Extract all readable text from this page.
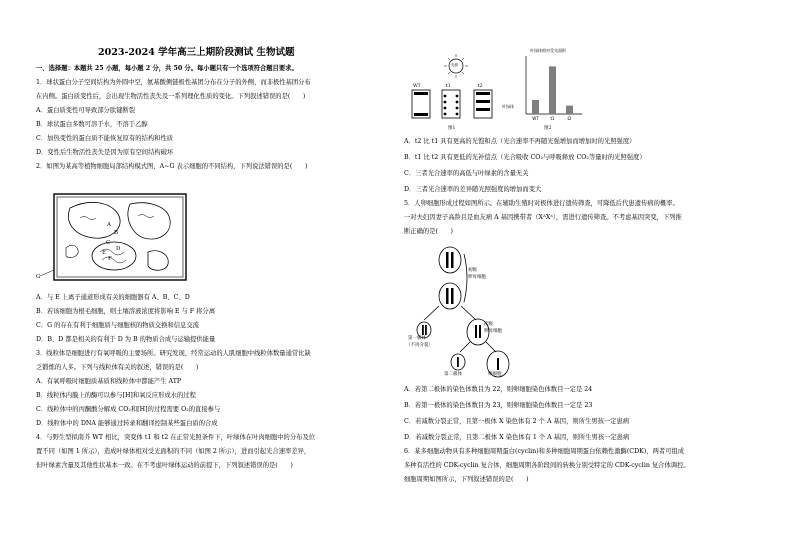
2023-2024 学年高三上期阶段测试 生物试题
一、选择题：本题共 25 小题，每小题 2 分，共 50 分。每小题只有一个选项符合题目要求。
1．球状蛋白分子空间结构为外圆中空，氨基酸侧链极性基团分布在分子的外侧，而非极性基团分布
在内侧。蛋白质变性后，会出现生物活性丧失及一系列理化性质的变化。下列叙述错误的是(　　)
A．蛋白质变性可导致部分肽键断裂
B．球状蛋白多数可溶于水，不溶于乙醇
C．加热变性的蛋白质不能恢复原有的结构和性质
D．变性后生物活性丧失是因为原有空间结构破坏
2．如图为某高等植物细胞局部结构模式图，A~G 表示细胞的不同结构，下列说法错误的是(　　)
A
B
C
D
E
F
G
A．与 E 上离子通道形成有关的细胞器有 A、B、C、D
B．若该细胞为根毛细胞，则土壤溶液浓度将影响 E 与 F 将分离
C．G 的存在有利于细胞质与细胞核的物质交换和信息交流
D．B、D 都是相关的有利于 D 为 B 的物质合成与运输提供能量
3．线粒体是细胞进行有氧呼吸的主要场所。研究发现，经常运动的人肌细胞中线粒体数量通常比缺
乏锻炼的人多。下列与线粒体有关的叙述，错误的是(　　)
A．有氧呼吸时细胞质基质和线粒体中都能产生 ATP
B．线粒体内膜上的酶可以参与[H]和氧反应形成水的过程
C．线粒体中的丙酮酸分解成 CO₂和[H]的过程需要 O₂的直接参与
D．线粒体中的 DNA 能够通过转录和翻译控制某些蛋白质的合成
4．与野生型拟南芥 WT 相比，突变体 t1 和 t2 在正常光照条件下，叶绿体在叶肉细胞中的分布及位
置不同（如图 1 所示），造成叶绿体相对受光面积的不同（如图 2 所示），进而引起光合速率差异，
但叶绿素含量及其他性状基本一致。在不考虑叶绿体运动的前提下，下列叙述错误的是(　　)
光照
WT	t1	t2
叶绿体
图1
叶绿体相对受光面积
WT	t1	t2
图2
A．t2 比 t1 具有更高的光饱和点（光合速率不再随光强增加而增加时的光照强度）
B．t1 比 t2 具有更低的光补偿点（光合吸收 CO₂与呼吸释放 CO₂等量时的光照强度）
C．三者光合速率的高低与叶绿素的含量无关
D．三者光合速率的差异随光照强度的增加而变大
5．人卵细胞形成过程如图所示。在辅助生殖时对极体进行遗传筛查，可降低后代患遗传病的概率。
一对夫妇因妻子高龄且是血友病 A 基因携带者（XᴬXᵃ），需进行遗传筛查。不考虑基因突变，下列推
断正确的是(　　)
初级
卵母细胞
次级
卵母细胞
第一极体
（不再分裂）
第二极体	卵细胞
A．若第二极体的染色体数目为 22，则卵细胞染色体数目一定是 24
B．若第一极体的染色体数目为 23，则卵细胞染色体数目一定是 23
C．若减数分裂正常，且第一极体 X 染色体有 2 个 A 基因，则所生男孩一定患病
D．若减数分裂正常，且第二极体 X 染色体有 1 个 A 基因，则所生男孩一定患病
6．某多细胞动物具有多种细胞周期蛋白(cyclin)和多种细胞周期蛋白依赖性激酶(CDK)，两者可组成
多种有活性的 CDK-cyclin 复合体，细胞周期各阶段间的转换分别受特定的 CDK-cyclin 复合体调控。
细胞周期如图所示，下列叙述错误的是(　　)
